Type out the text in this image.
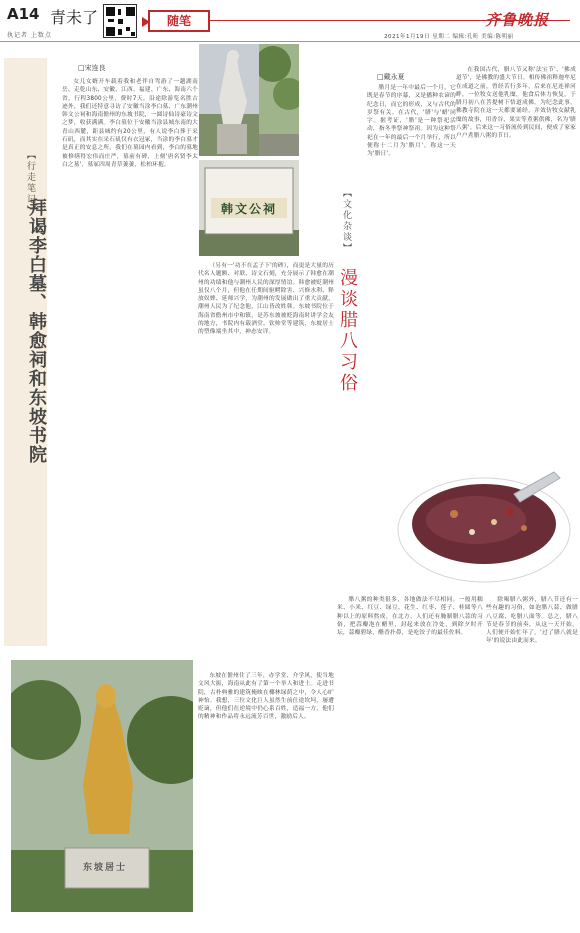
A14 青未了
执记者 上数点
随笔	齐鲁晚报
2021年1月19日 星期二 编辑:孔昕 美编:陈明丽
【行走笔记】
拜谒李白墓、韩愈祠和东坡书院
□宋连良

女儿女婿开车载着我和老伴自驾游了一趟湖南岳、走乾山东、安徽、江西、福建、广东、海南六个省，行程3800公里，费时7天，沿途除游览名胜古迹外，我们还特意寻访了安徽当涂李白墓、广东潮州韩文公祠和海南儋州的东坡书院，一圆诗仙诗豪诗文之梦，收获满满。李白墓位于安徽当涂县城东南的大青山西麓，距县城约有20公里，有人说李白葬于采石矶，而其实在采石矶仅有衣冠冢，当涂的李白墓才是真正的安息之所。我们在墓园内看到，李白的墓地被修缮得宏伟而庄严，墓前有碑，上刻'唐名贤李太白之墓'，墓冢四周青草萋萋，松柏环抱。

韩文公祠

（另有一'功不在孟子下'的碑），而更是大量的历代名人题额、对联、诗文石刻，充分展示了韩愈在潮州的功绩和他与潮州人民的深厚情谊。韩愈被贬潮州虽仅八个月，但他在任期间驱鳄除害、兴修水利、释放奴婢、延师兴学，为潮州的发展做出了重大贡献，潮州人民为了纪念他，江山皆改姓韩。东坡书院位于海南省儋州市中和镇，是苏东坡被贬海南时讲学会友的地方，书院内有载酒堂、钦帅堂等建筑，东坡居士的塑像端坐其中，神态安详。

东坡居士

东坡在儋州住了三年，办学堂、介学风，使当地文风大振，海南从此有了第一个举人和进士。走进书院，古朴典雅的建筑掩映在椰林绿荫之中，令人心旷神怡。我想，三位文化巨人虽然生前仕途坎坷，屡遭贬谪，但他们在逆境中仍心系百姓，造福一方，他们的精神和作品将永远流芳百世，激励后人。

【文化杂谈】
漫谈腊八习俗
□戴永夏

腊月是一年中最后一个月，它既是春节的序幕，又是播种农谚的纪念日，而它的形成，又与古代的岁祭有关。在古代，'腊'与'蜡'同字。据考证，'腊'是一种祭祀活动，指冬季祭神祭祖。因为这种祭祀在一年的最后一个月举行，所以便称十二月为'腊月'，称这一天为'腊日'。

在我国古代，腊八节又称'法宝节'、'佛成道节'，是佛教的盛大节日。相传佛祖释迦牟尼在成道之前，曾经苦行多年，后来在尼连禅河畔，一位牧女送他乳糜，他食后体力恢复，于腊月初八在菩提树下悟道成佛。为纪念此事，佛教寺院在这一天都要诵经，并效仿牧女献乳糜的故事，用香谷、果实等煮粥供佛，名为'腊八粥'。后来这一习俗流传到民间，便成了家家户户煮腊八粥的节日。

腊八粥的种类很多，各地做法不尽相同。一般用糯米、小米、红豆、绿豆、花生、红枣、莲子、桂圆等八种以上的原料熬成。在北方，人们还有腌制腊八蒜的习俗，把蒜瓣泡在醋里，封起来放在冷处，到除夕时开坛，蒜瓣碧绿，醋香扑鼻，是吃饺子的最佳佐料。

除喝腊八粥外，腊八节还有一些有趣的习俗，如泡腊八蒜、做腊八豆腐、吃腊八面等。总之，腊八节是春节的前奏，从这一天开始，人们便开始忙年了，'过了腊八就是年'的说法由此而来。
